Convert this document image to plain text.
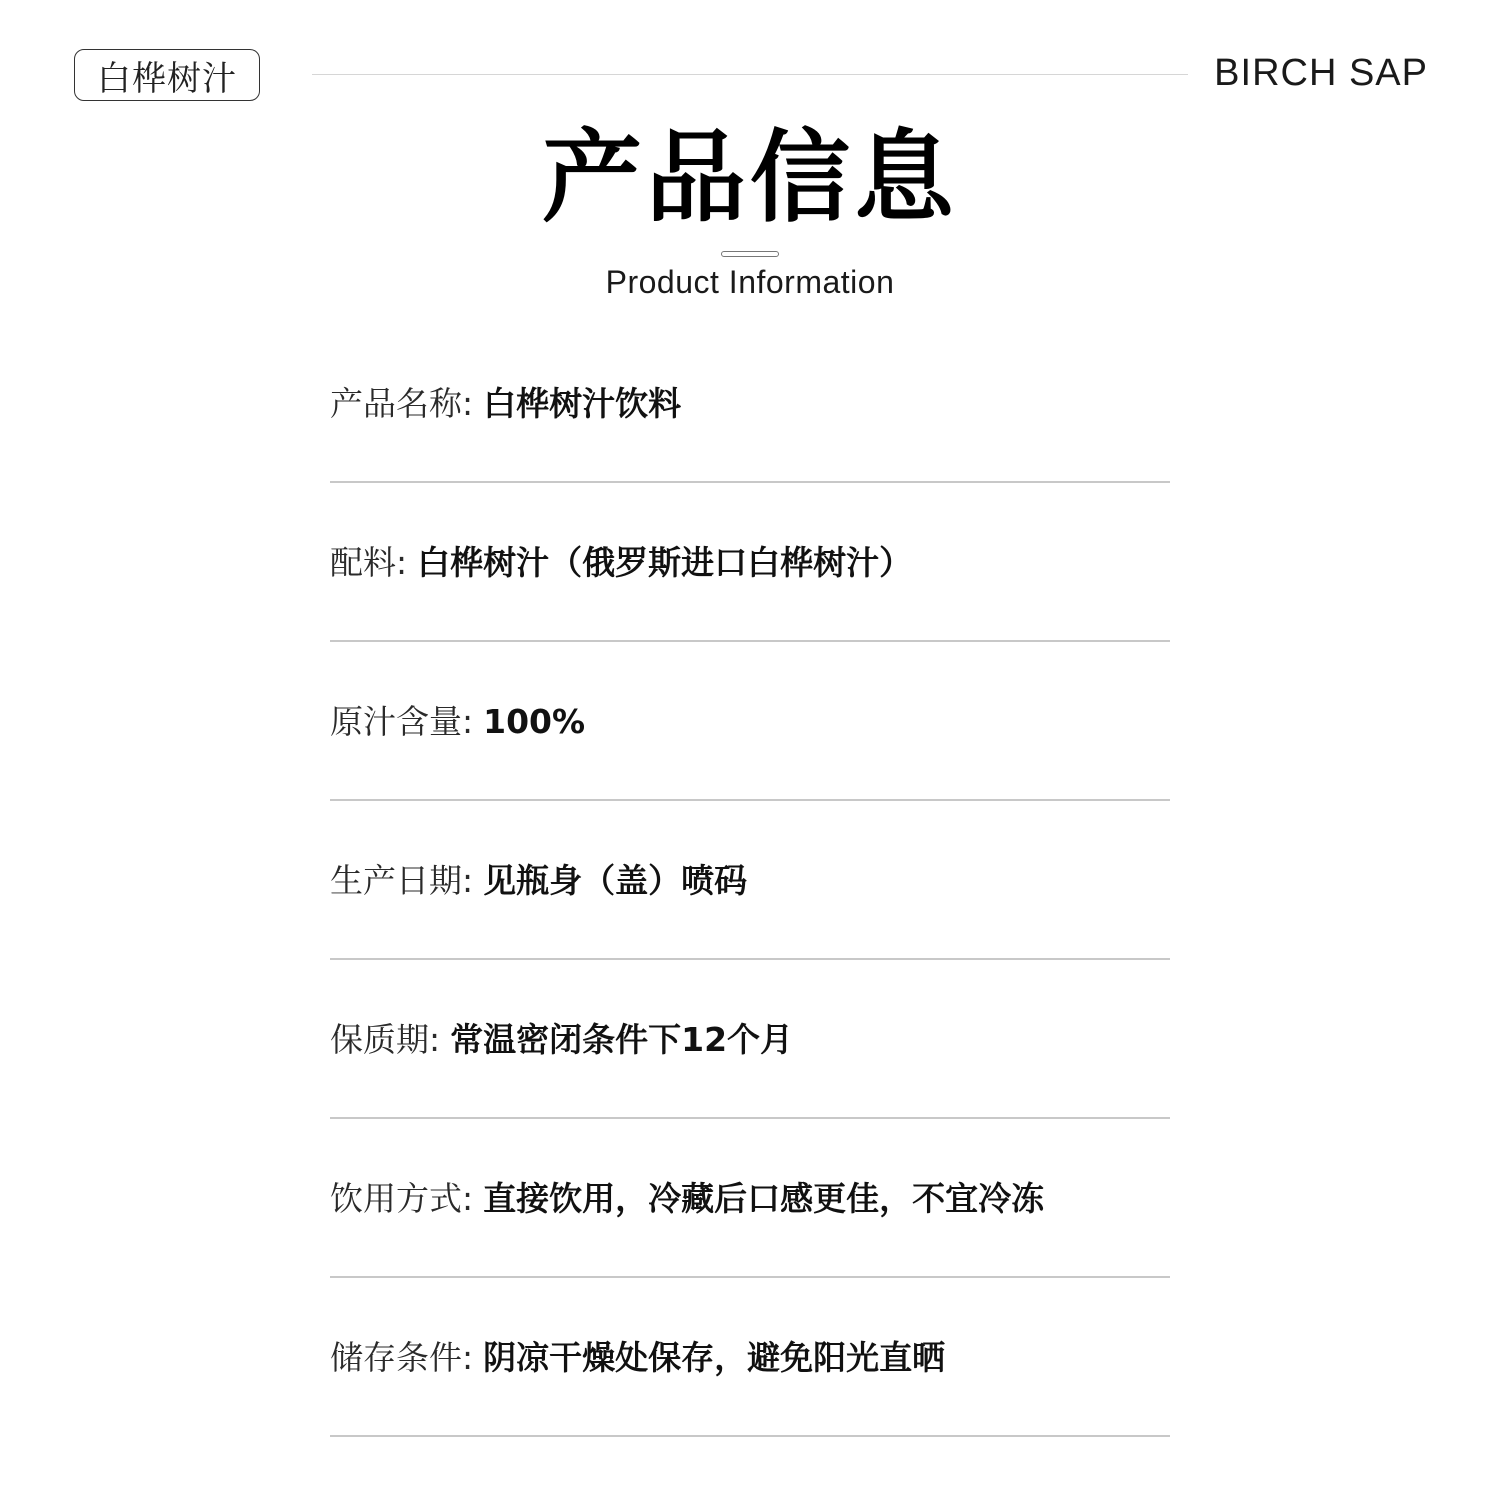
白桦树汁	BIRCH SAP
产品信息
Product Information
产品名称: 白桦树汁饮料
配料: 白桦树汁（俄罗斯进口白桦树汁）
原汁含量: 100%
生产日期: 见瓶身（盖）喷码
保质期: 常温密闭条件下12个月
饮用方式: 直接饮用，冷藏后口感更佳，不宜冷冻
储存条件: 阴凉干燥处保存，避免阳光直晒
